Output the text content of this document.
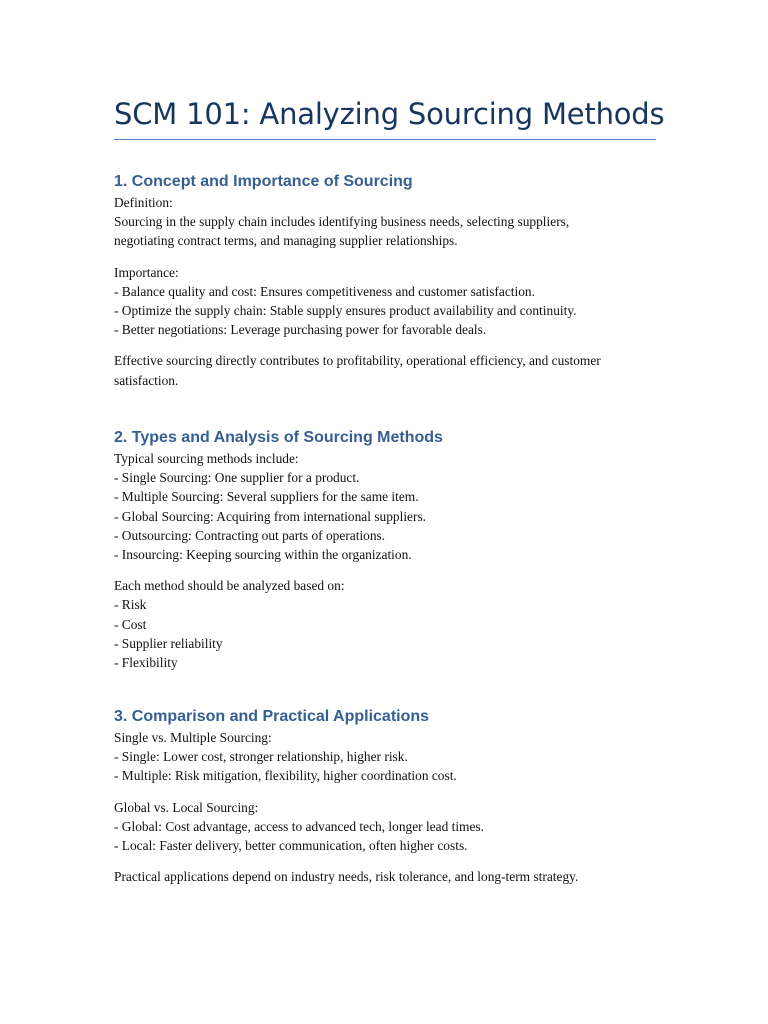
SCM 101: Analyzing Sourcing Methods
1. Concept and Importance of Sourcing

Definition:
Sourcing in the supply chain includes identifying business needs, selecting suppliers,
negotiating contract terms, and managing supplier relationships.

Importance:
- Balance quality and cost: Ensures competitiveness and customer satisfaction.
- Optimize the supply chain: Stable supply ensures product availability and continuity.
- Better negotiations: Leverage purchasing power for favorable deals.

Effective sourcing directly contributes to profitability, operational efficiency, and customer
satisfaction.

2. Types and Analysis of Sourcing Methods

Typical sourcing methods include:
- Single Sourcing: One supplier for a product.
- Multiple Sourcing: Several suppliers for the same item.
- Global Sourcing: Acquiring from international suppliers.
- Outsourcing: Contracting out parts of operations.
- Insourcing: Keeping sourcing within the organization.

Each method should be analyzed based on:
- Risk
- Cost
- Supplier reliability
- Flexibility

3. Comparison and Practical Applications

Single vs. Multiple Sourcing:
- Single: Lower cost, stronger relationship, higher risk.
- Multiple: Risk mitigation, flexibility, higher coordination cost.

Global vs. Local Sourcing:
- Global: Cost advantage, access to advanced tech, longer lead times.
- Local: Faster delivery, better communication, often higher costs.

Practical applications depend on industry needs, risk tolerance, and long-term strategy.
